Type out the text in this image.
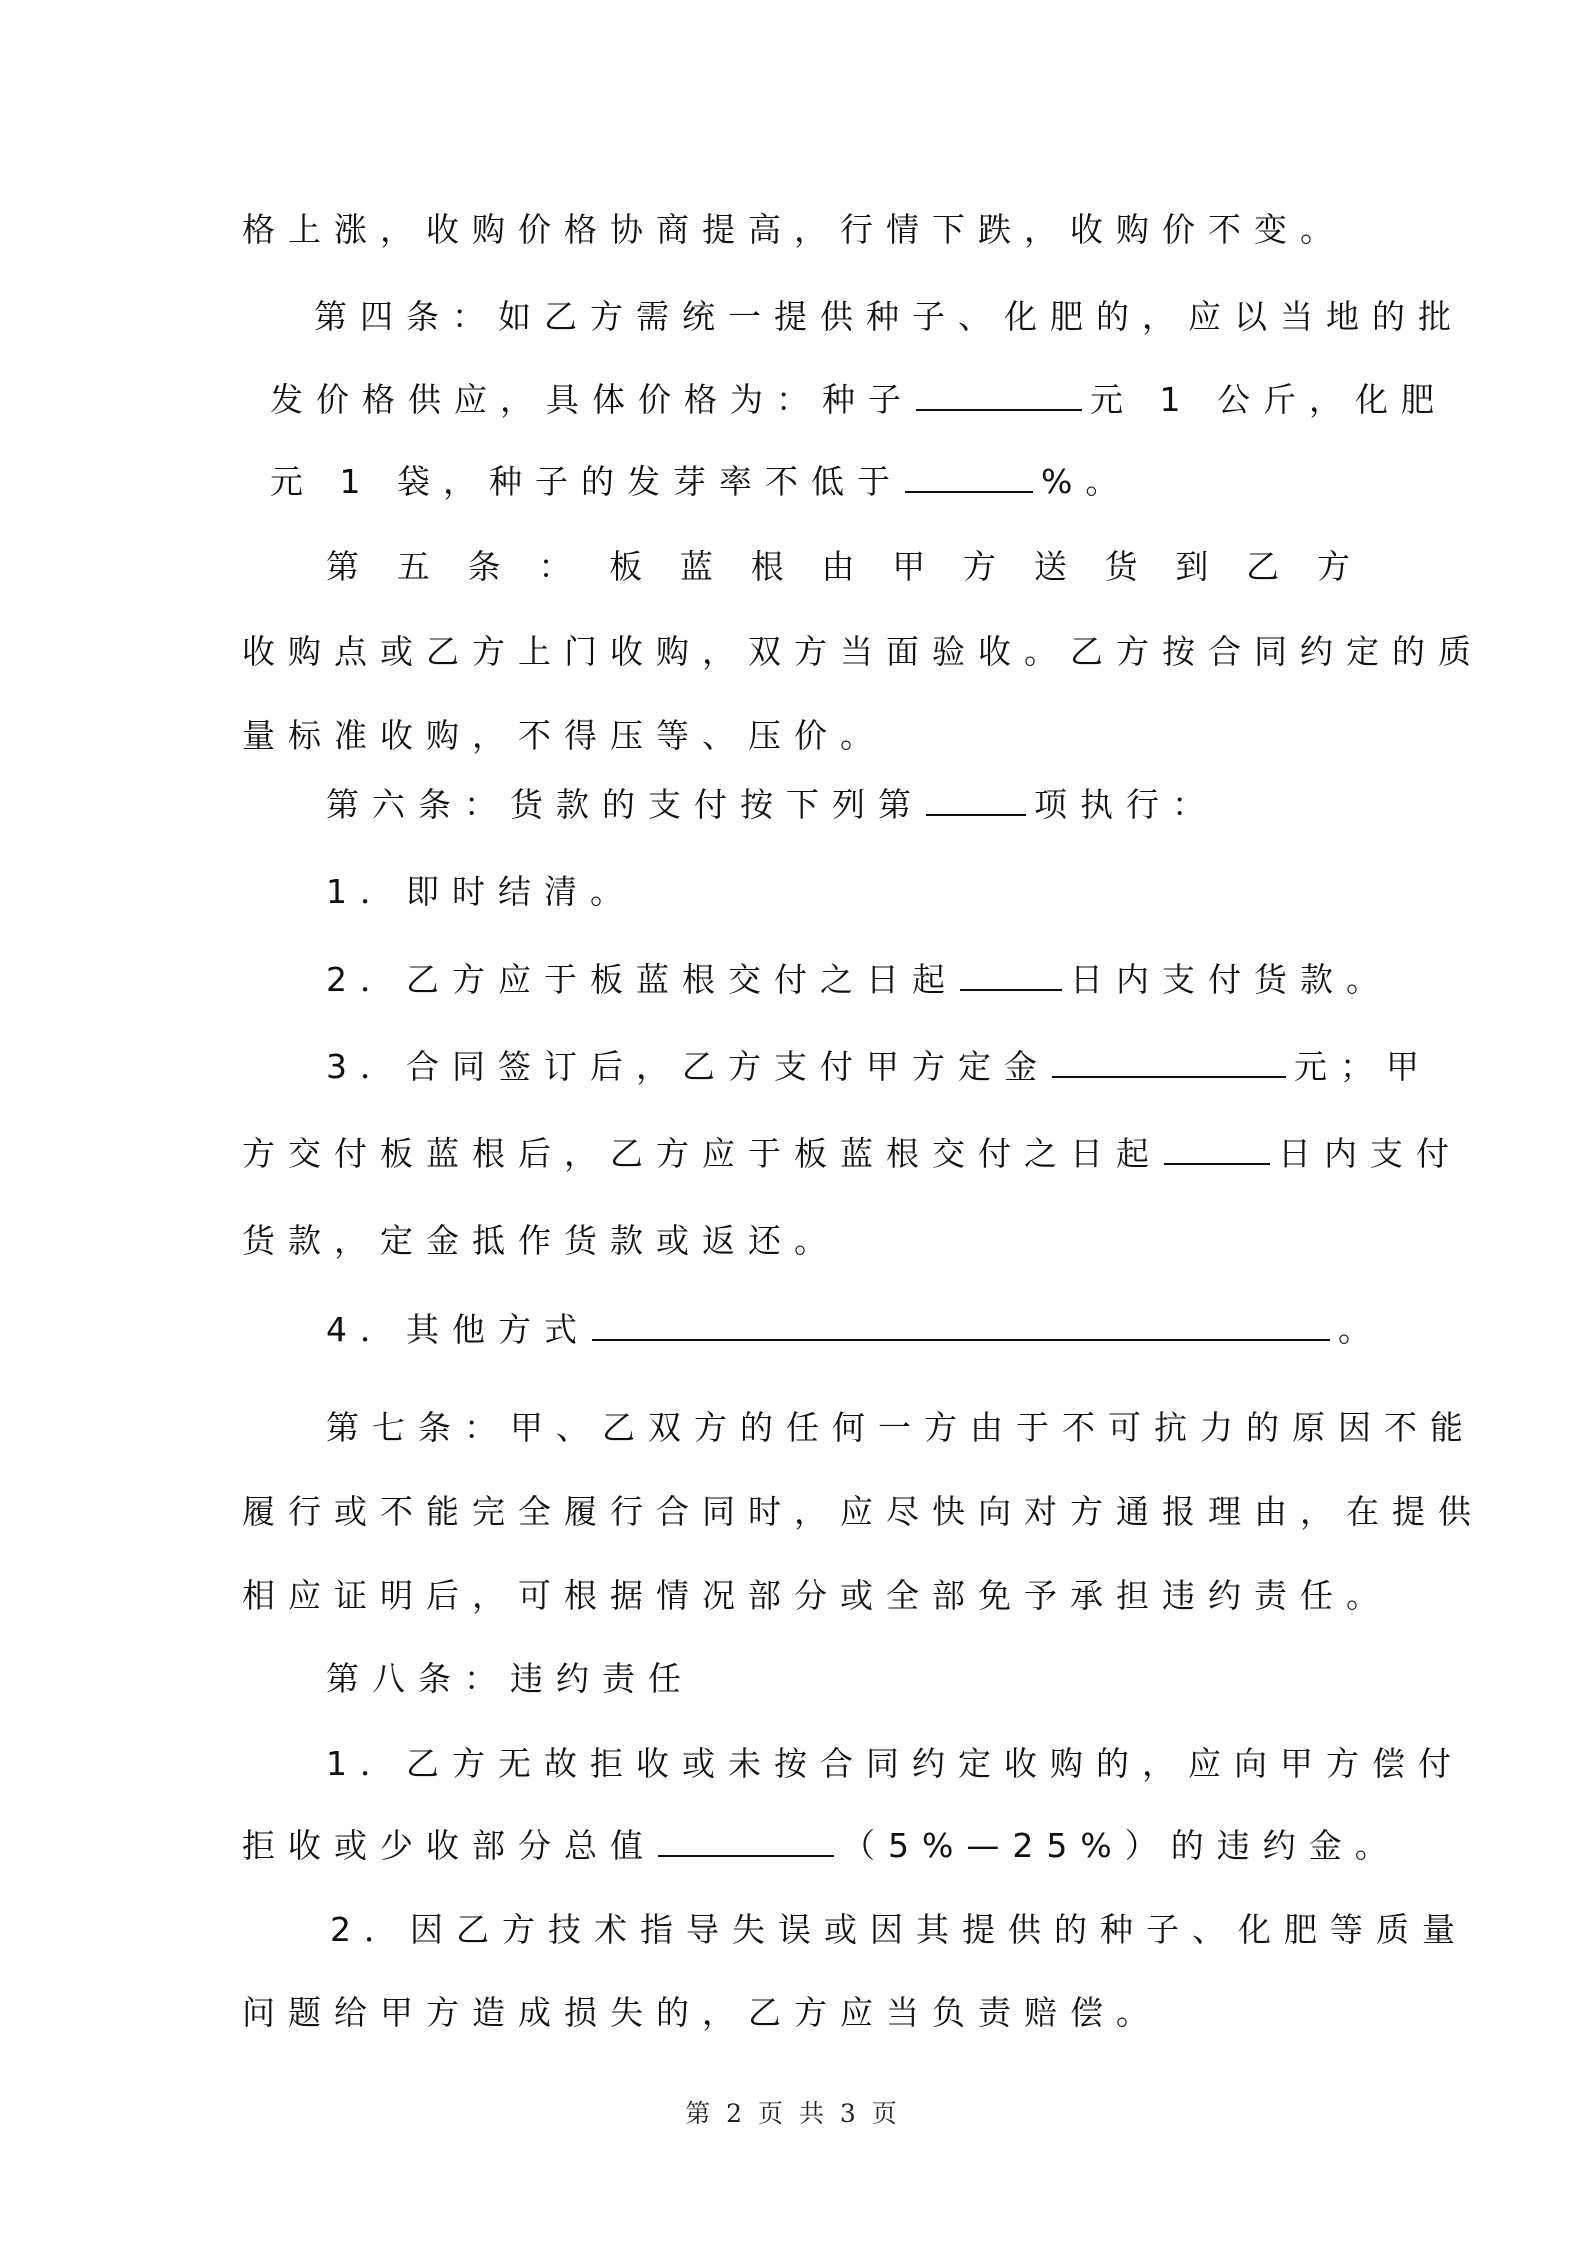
格上涨，收购价格协商提高，行情下跌，收购价不变。
第四条：如乙方需统一提供种子、化肥的，应以当地的批
发价格供应，具体价格为：种子	元 1 公斤，化肥
元 1 袋，种子的发芽率不低于	%。
第 五 条 ： 板 蓝 根 由 甲 方 送 货 到 乙 方
收购点或乙方上门收购，双方当面验收。乙方按合同约定的质
量标准收购，不得压等、压价。
第六条：货款的支付按下列第	项执行：
1．即时结清。
2．乙方应于板蓝根交付之日起	日内支付货款。
3．合同签订后，乙方支付甲方定金	元；甲
方交付板蓝根后，乙方应于板蓝根交付之日起	日内支付
货款，定金抵作货款或返还。
4．其他方式	。
第七条：甲、乙双方的任何一方由于不可抗力的原因不能
履行或不能完全履行合同时，应尽快向对方通报理由，在提供
相应证明后，可根据情况部分或全部免予承担违约责任。
第八条：违约责任
1．乙方无故拒收或未按合同约定收购的，应向甲方偿付
拒收或少收部分总值	（5%—25%）的违约金。
2．因乙方技术指导失误或因其提供的种子、化肥等质量
问题给甲方造成损失的，乙方应当负责赔偿。
第 2 页 共 3 页
